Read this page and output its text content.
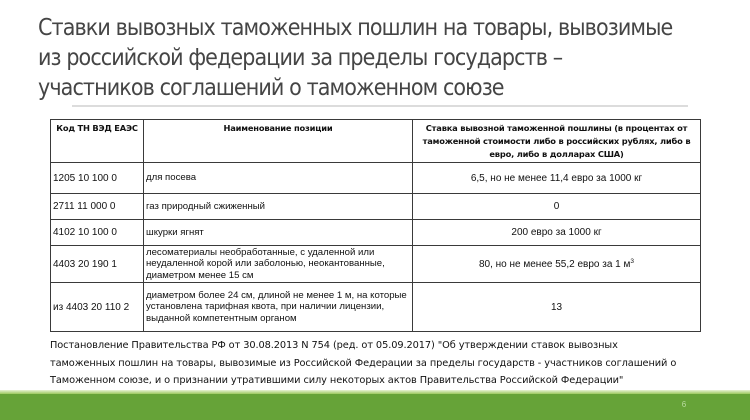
Ставки вывозных таможенных пошлин на товары, вывозимые
из российской федерации за пределы государств –
участников соглашений о таможенном союзе
Код ТН ВЭД ЕАЭС	Наименование позиции	Ставка вывозной таможенной пошлины (в процентах от таможенной стоимости либо в российских рублях, либо в евро, либо в долларах США)
1205 10 100 0	для посева	6,5, но не менее 11,4 евро за 1000 кг
2711 11 000 0	газ природный сжиженный	0
4102 10 100 0	шкурки ягнят	200 евро за 1000 кг
4403 20 190 1	лесоматериалы необработанные, с удаленной или неудаленной корой или заболонью, неокантованные, диаметром менее 15 см	80, но не менее 55,2 евро за 1 $м^3$
из 4403 20 110 2	диаметром более 24 см, длиной не менее 1 м, на которые установлена тарифная квота, при наличии лицензии, выданной компетентным органом	13
Постановление Правительства РФ от 30.08.2013 N 754 (ред. от 05.09.2017) "Об утверждении ставок вывозных
таможенных пошлин на товары, вывозимые из Российской Федерации за пределы государств - участников соглашений о
Таможенном союзе, и о признании утратившими силу некоторых актов Правительства Российской Федерации"
6
